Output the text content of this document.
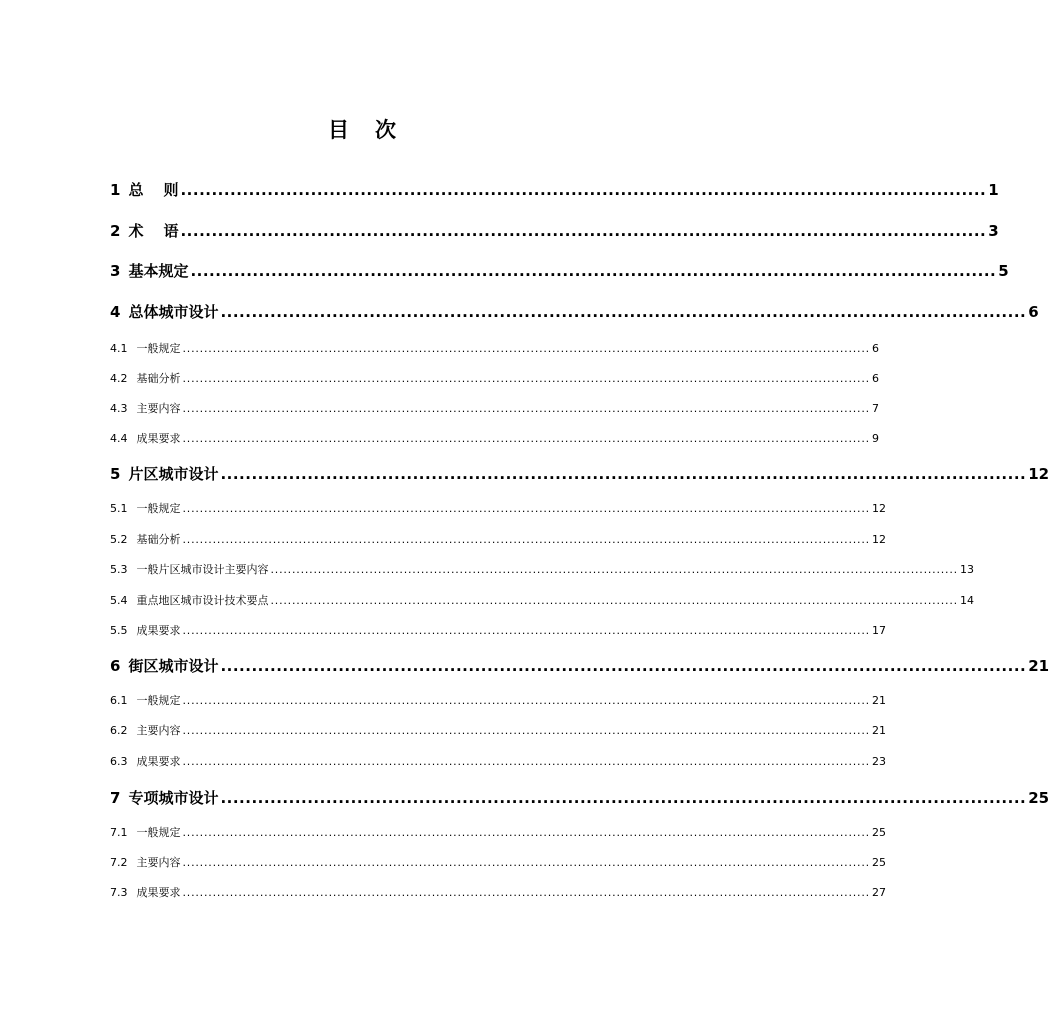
目 次
1 总 则 .................................................................................................................................. 1
2 术 语 .................................................................................................................................. 3
3 基本规定 .................................................................................................................................. 5
4 总体城市设计 .................................................................................................................................. 6
4.1 一般规定 ................................................................................................................................................................ 6
4.2 基础分析 ................................................................................................................................................................ 6
4.3 主要内容 ................................................................................................................................................................ 7
4.4 成果要求 ................................................................................................................................................................ 9
5 片区城市设计 .................................................................................................................................. 12
5.1 一般规定 ................................................................................................................................................................ 12
5.2 基础分析 ................................................................................................................................................................ 12
5.3 一般片区城市设计主要内容 ................................................................................................................................................................ 13
5.4 重点地区城市设计技术要点 ................................................................................................................................................................ 14
5.5 成果要求 ................................................................................................................................................................ 17
6 街区城市设计 .................................................................................................................................. 21
6.1 一般规定 ................................................................................................................................................................ 21
6.2 主要内容 ................................................................................................................................................................ 21
6.3 成果要求 ................................................................................................................................................................ 23
7 专项城市设计 .................................................................................................................................. 25
7.1 一般规定 ................................................................................................................................................................ 25
7.2 主要内容 ................................................................................................................................................................ 25
7.3 成果要求 ................................................................................................................................................................ 27
